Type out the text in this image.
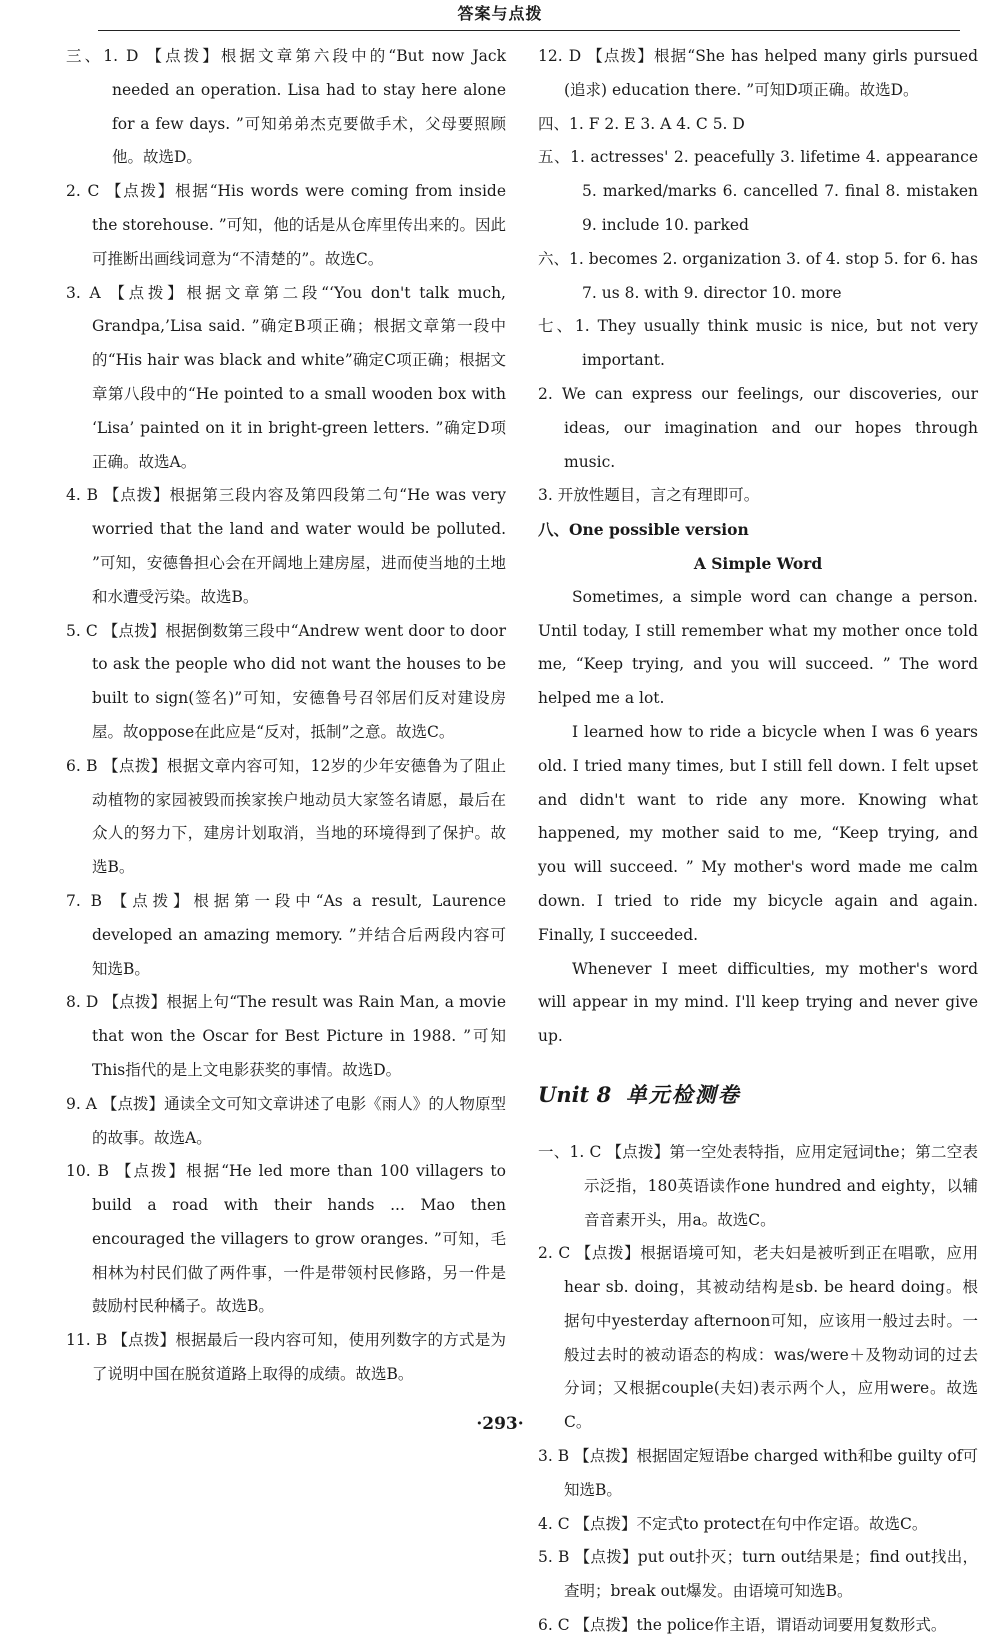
答案与点拨

三、1. D 【点拨】根据文章第六段中的“But now Jack needed an operation. Lisa had to stay here alone for a few days. ”可知弟弟杰克要做手术，父母要照顾他。故选D。

2. C 【点拨】根据“His words were coming from inside the storehouse. ”可知，他的话是从仓库里传出来的。因此可推断出画线词意为“不清楚的”。故选C。

3. A 【点拨】根据文章第二段“‘You don't talk much, Grandpa,’Lisa said. ”确定B项正确；根据文章第一段中的“His hair was black and white”确定C项正确；根据文章第八段中的“He pointed to a small wooden box with ‘Lisa’ painted on it in bright-green letters. ”确定D项正确。故选A。

4. B 【点拨】根据第三段内容及第四段第二句“He was very worried that the land and water would be polluted. ”可知，安德鲁担心会在开阔地上建房屋，进而使当地的土地和水遭受污染。故选B。

5. C 【点拨】根据倒数第三段中“Andrew went door to door to ask the people who did not want the houses to be built to sign(签名)”可知，安德鲁号召邻居们反对建设房屋。故oppose在此应是“反对，抵制”之意。故选C。

6. B 【点拨】根据文章内容可知，12岁的少年安德鲁为了阻止动植物的家园被毁而挨家挨户地动员大家签名请愿，最后在众人的努力下，建房计划取消，当地的环境得到了保护。故选B。

7. B 【点拨】根据第一段中“As a result, Laurence developed an amazing memory. ”并结合后两段内容可知选B。

8. D 【点拨】根据上句“The result was Rain Man, a movie that won the Oscar for Best Picture in 1988. ”可知This指代的是上文电影获奖的事情。故选D。

9. A 【点拨】通读全文可知文章讲述了电影《雨人》的人物原型的故事。故选A。

10. B 【点拨】根据“He led more than 100 villagers to build a road with their hands ... Mao then encouraged the villagers to grow oranges. ”可知，毛相林为村民们做了两件事，一件是带领村民修路，另一件是鼓励村民种橘子。故选B。

11. B 【点拨】根据最后一段内容可知，使用列数字的方式是为了说明中国在脱贫道路上取得的成绩。故选B。

12. D 【点拨】根据“She has helped many girls pursued (追求) education there. ”可知D项正确。故选D。

四、1. F 2. E 3. A 4. C 5. D

五、1. actresses' 2. peacefully 3. lifetime 4. appearance 5. marked/marks 6. cancelled 7. final 8. mistaken 9. include 10. parked

六、1. becomes 2. organization 3. of 4. stop 5. for 6. has 7. us 8. with 9. director 10. more

七、1. They usually think music is nice, but not very important.

2. We can express our feelings, our discoveries, our ideas, our imagination and our hopes through music.

3. 开放性题目，言之有理即可。

八、One possible version

A Simple Word

Sometimes, a simple word can change a person. Until today, I still remember what my mother once told me, “Keep trying, and you will succeed. ” The word helped me a lot.

I learned how to ride a bicycle when I was 6 years old. I tried many times, but I still fell down. I felt upset and didn't want to ride any more. Knowing what happened, my mother said to me, “Keep trying, and you will succeed. ” My mother's word made me calm down. I tried to ride my bicycle again and again. Finally, I succeeded.

Whenever I meet difficulties, my mother's word will appear in my mind. I'll keep trying and never give up.

Unit 8 单元检测卷

一、1. C 【点拨】第一空处表特指，应用定冠词the；第二空表示泛指，180英语读作one hundred and eighty，以辅音音素开头，用a。故选C。

2. C 【点拨】根据语境可知，老夫妇是被听到正在唱歌，应用hear sb. doing，其被动结构是sb. be heard doing。根据句中yesterday afternoon可知，应该用一般过去时。一般过去时的被动语态的构成：was/were＋及物动词的过去分词；又根据couple(夫妇)表示两个人，应用were。故选C。

3. B 【点拨】根据固定短语be charged with和be guilty of可知选B。

4. C 【点拨】不定式to protect在句中作定语。故选C。

5. B 【点拨】put out扑灭；turn out结果是；find out找出，查明；break out爆发。由语境可知选B。

6. C 【点拨】the police作主语，谓语动词要用复数形式。

·293·
